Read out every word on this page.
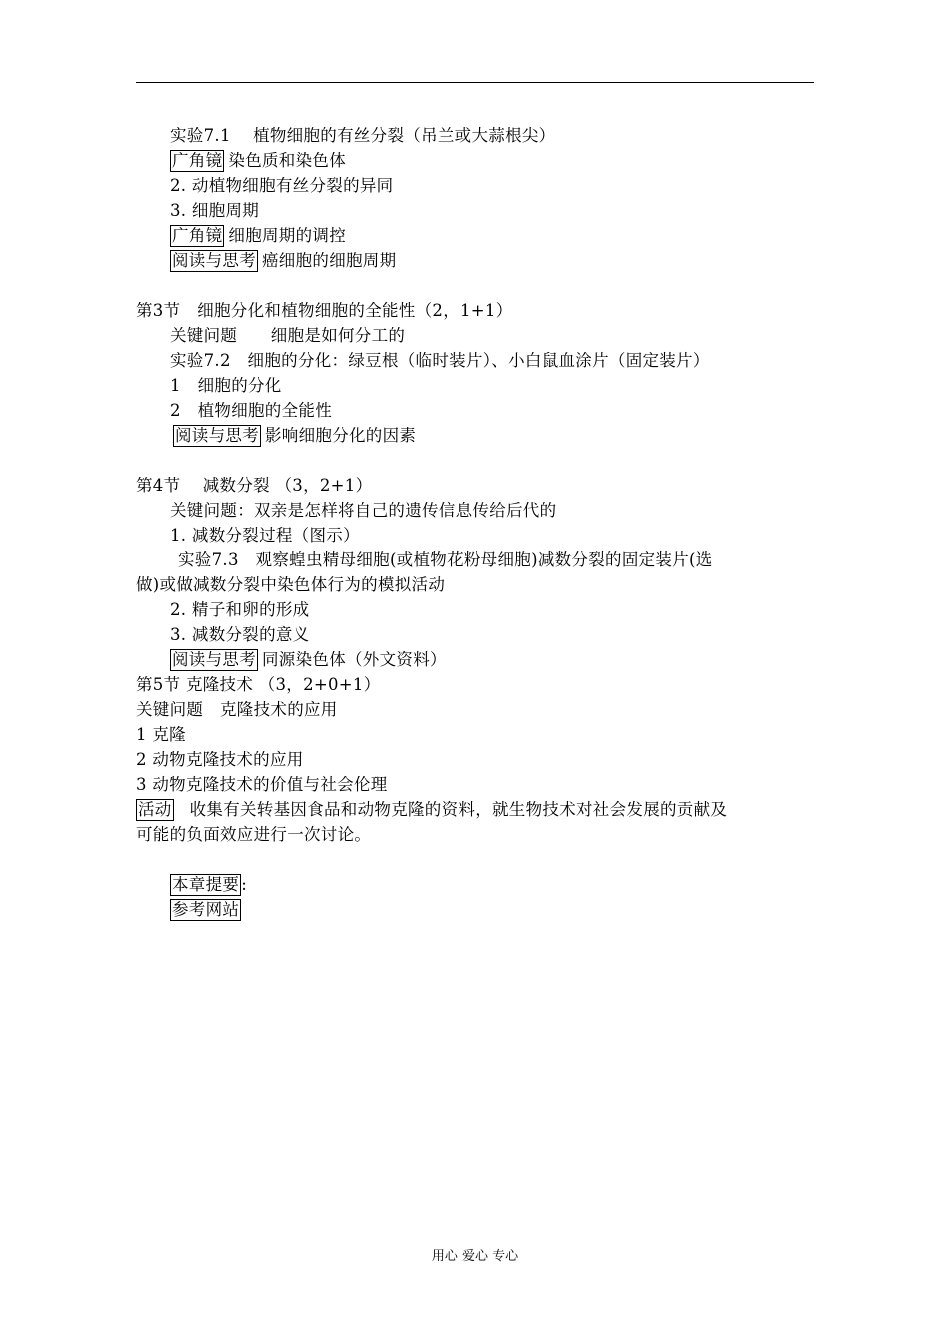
实验7.1　 植物细胞的有丝分裂（吊兰或大蒜根尖）
广角镜 染色质和染色体
2. 动植物细胞有丝分裂的异同
3. 细胞周期
广角镜 细胞周期的调控
阅读与思考 癌细胞的细胞周期
第3节　细胞分化和植物细胞的全能性（2，1+1）
关键问题　　细胞是如何分工的
实验7.2　细胞的分化：绿豆根（临时装片）、小白鼠血涂片（固定装片）
1　细胞的分化
2　植物细胞的全能性
阅读与思考 影响细胞分化的因素
第4节　 减数分裂 （3，2+1）
关键问题：双亲是怎样将自己的遗传信息传给后代的
1. 减数分裂过程（图示）
实验7.3　观察蝗虫精母细胞(或植物花粉母细胞)减数分裂的固定装片(选
做)或做减数分裂中染色体行为的模拟活动
2. 精子和卵的形成
3. 减数分裂的意义
阅读与思考 同源染色体（外文资料）
第5节 克隆技术 （3，2+0+1）
关键问题　克隆技术的应用
1 克隆
2 动物克隆技术的应用
3 动物克隆技术的价值与社会伦理
活动 收集有关转基因食品和动物克隆的资料，就生物技术对社会发展的贡献及
可能的负面效应进行一次讨论。
本章提要 :
参考网站
用心 爱心 专心
